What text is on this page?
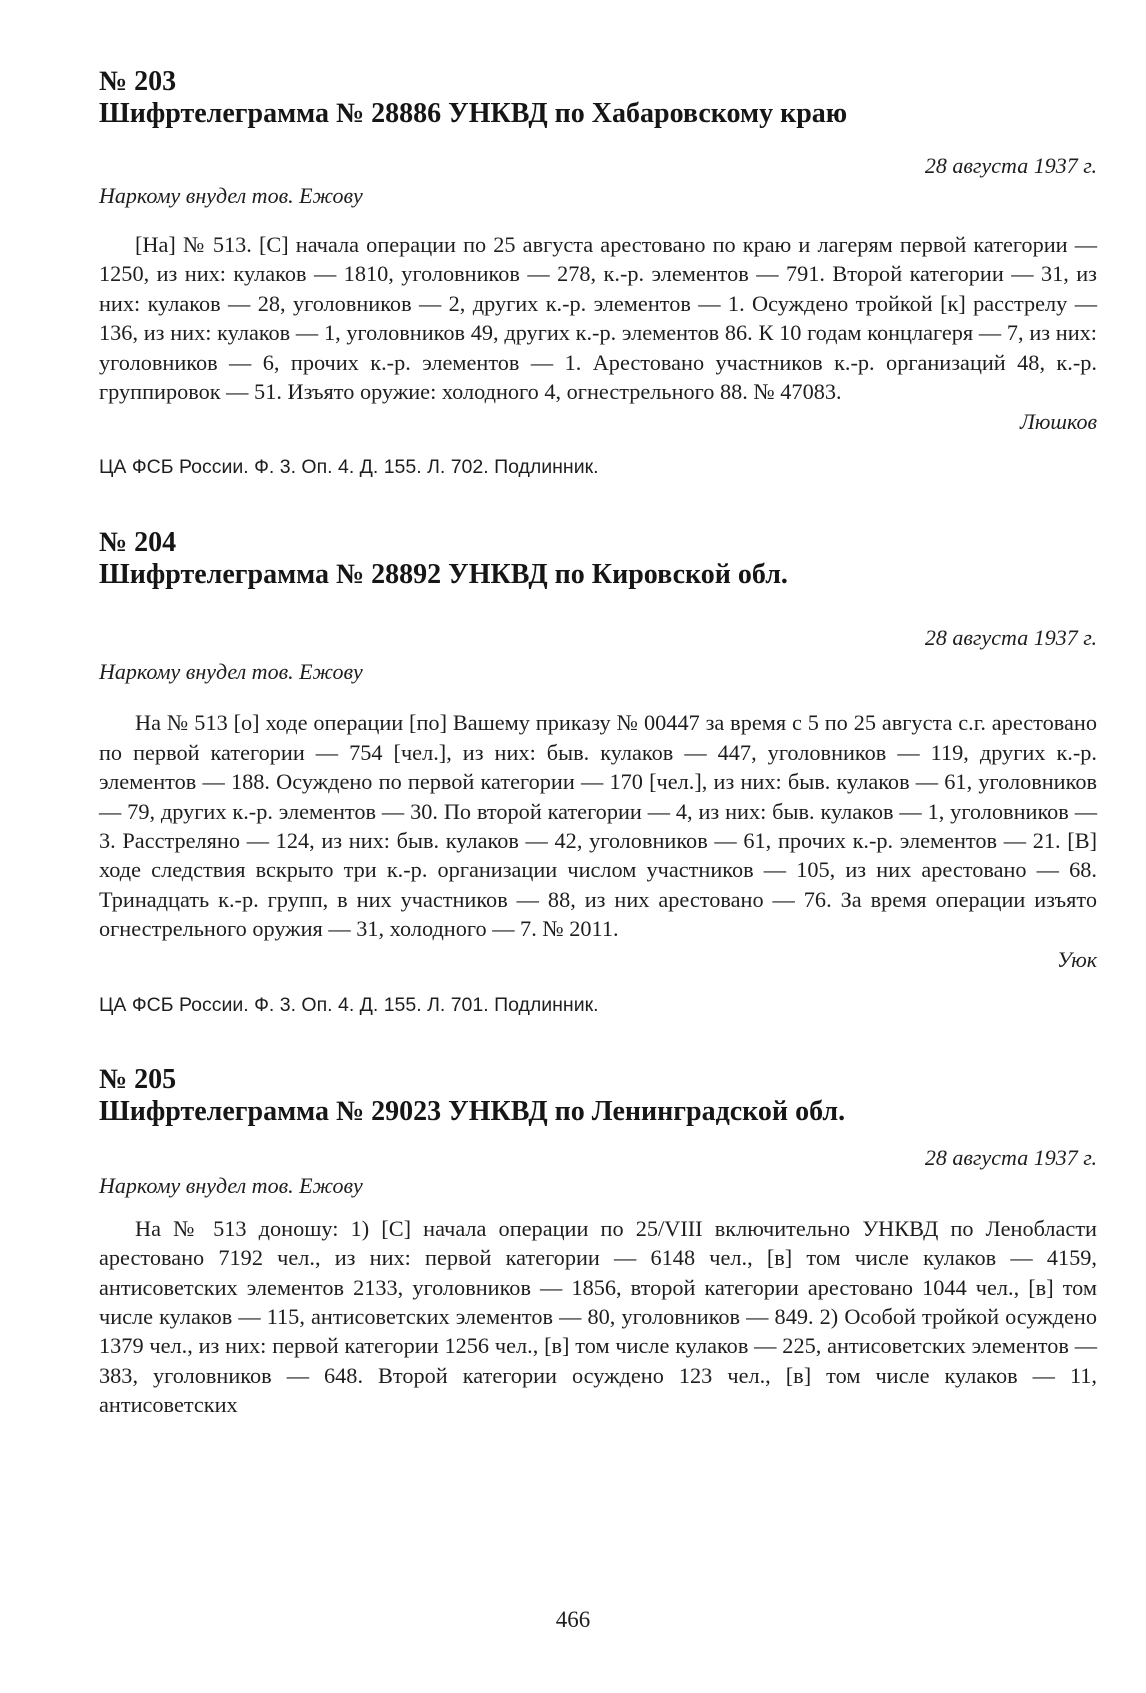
№ 203
Шифртелеграмма № 28886 УНКВД по Хабаровскому краю
28 августа 1937 г.
Наркому внудел тов. Ежову

[На] № 513. [С] начала операции по 25 августа арестовано по краю и лагерям первой категории — 1250, из них: кулаков — 1810, уголовников — 278, к.-р. элементов — 791. Второй категории — 31, из них: кулаков — 28, уголовников — 2, других к.-р. элементов — 1. Осуждено тройкой [к] расстрелу — 136, из них: кулаков — 1, уголовников 49, других к.-р. элементов 86. К 10 годам концлагеря — 7, из них: уголовников — 6, прочих к.-р. элементов — 1. Арестовано участников к.-р. организаций 48, к.-р. группировок — 51. Изъято оружие: холодного 4, огнестрельного 88. № 47083.

Люшков
ЦА ФСБ России. Ф. 3. Оп. 4. Д. 155. Л. 702. Подлинник.
№ 204
Шифртелеграмма № 28892 УНКВД по Кировской обл.
28 августа 1937 г.
Наркому внудел тов. Ежову

На № 513 [о] ходе операции [по] Вашему приказу № 00447 за время с 5 по 25 августа с.г. арестовано по первой категории — 754 [чел.], из них: быв. кулаков — 447, уголовников — 119, других к.-р. элементов — 188. Осуждено по первой категории — 170 [чел.], из них: быв. кулаков — 61, уголовников — 79, других к.-р. элементов — 30. По второй категории — 4, из них: быв. кулаков — 1, уголовников — 3. Расстреляно — 124, из них: быв. кулаков — 42, уголовников — 61, прочих к.-р. элементов — 21. [В] ходе следствия вскрыто три к.-р. организации числом участников — 105, из них арестовано — 68. Тринадцать к.-р. групп, в них участников — 88, из них арестовано — 76. За время операции изъято огнестрельного оружия — 31, холодного — 7. № 2011.

Уюк
ЦА ФСБ России. Ф. 3. Оп. 4. Д. 155. Л. 701. Подлинник.
№ 205
Шифртелеграмма № 29023 УНКВД по Ленинградской обл.
28 августа 1937 г.
Наркому внудел тов. Ежову

На № 513 доношу: 1) [С] начала операции по 25/VIII включительно УНКВД по Ленобласти арестовано 7192 чел., из них: первой категории — 6148 чел., [в] том числе кулаков — 4159, антисоветских элементов 2133, уголовников — 1856, второй категории арестовано 1044 чел., [в] том числе кулаков — 115, антисоветских элементов — 80, уголовников — 849. 2) Особой тройкой осуждено 1379 чел., из них: первой категории 1256 чел., [в] том числе кулаков — 225, антисоветских элементов — 383, уголовников — 648. Второй категории осуждено 123 чел., [в] том числе кулаков — 11, антисоветских

466
